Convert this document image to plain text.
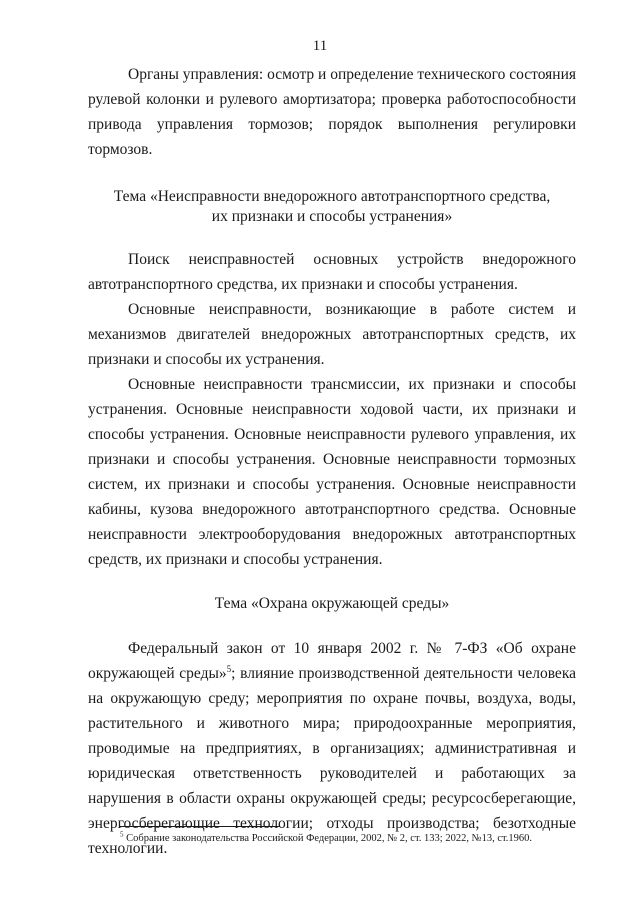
11

Органы управления: осмотр и определение технического состояния рулевой колонки и рулевого амортизатора; проверка работоспособности привода управления тормозов; порядок выполнения регулировки тормозов.

Тема «Неисправности внедорожного автотранспортного средства,

их признаки и способы устранения»

Поиск неисправностей основных устройств внедорожного автотранспортного средства, их признаки и способы устранения.

Основные неисправности, возникающие в работе систем и механизмов двигателей внедорожных автотранспортных средств, их признаки и способы их устранения.

Основные неисправности трансмиссии, их признаки и способы устранения. Основные неисправности ходовой части, их признаки и способы устранения. Основные неисправности рулевого управления, их признаки и способы устранения. Основные неисправности тормозных систем, их признаки и способы устранения. Основные неисправности кабины, кузова внедорожного автотранспортного средства. Основные неисправности электрооборудования внедорожных автотранспортных средств, их признаки и способы устранения.

Тема «Охрана окружающей среды»

Федеральный закон от 10 января 2002 г. № 7-ФЗ «Об охране окружающей среды»$^5$; влияние производственной деятельности человека на окружающую среду; мероприятия по охране почвы, воздуха, воды, растительного и животного мира; природоохранные мероприятия, проводимые на предприятиях, в организациях; административная и юридическая ответственность руководителей и работающих за нарушения в области охраны окружающей среды; ресурсосберегающие, энергосберегающие технологии; отходы производства; безотходные технологии.

$^5$ Собрание законодательства Российской Федерации, 2002, № 2, ст. 133; 2022, №13, ст.1960.
